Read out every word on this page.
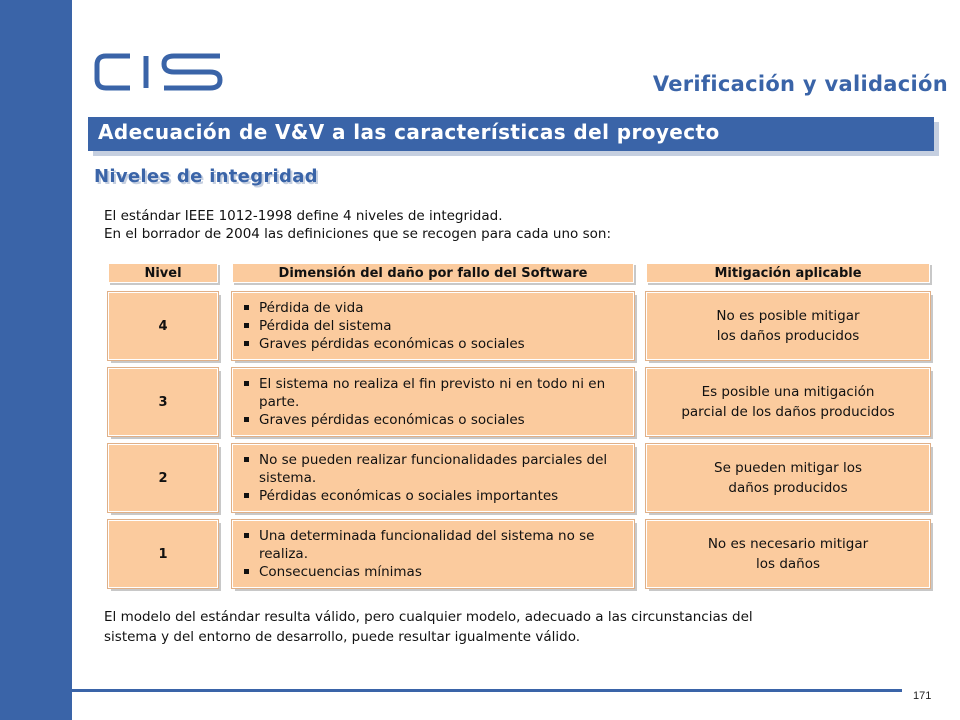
Verificación y validación
Adecuación de V&V a las características del proyecto
Niveles de integridad
El estándar IEEE 1012-1998 define 4 niveles de integridad.
En el borrador de 2004 las definiciones que se recogen para cada uno son:
Nivel	Dimensión del daño por fallo del Software	Mitigación aplicable
4
Pérdida de vida
Pérdida del sistema
Graves pérdidas económicas o sociales
No es posible mitigar
los daños producidos
3
El sistema no realiza el fin previsto ni en todo ni en parte.
Graves pérdidas económicas o sociales
Es posible una mitigación
parcial de los daños producidos
2
No se pueden realizar funcionalidades parciales del sistema.
Pérdidas económicas o sociales importantes
Se pueden mitigar los
daños producidos
1
Una determinada funcionalidad del sistema no se realiza.
Consecuencias mínimas
No es necesario mitigar
los daños
El modelo del estándar resulta válido, pero cualquier modelo, adecuado a las circunstancias del
sistema y del entorno de desarrollo, puede resultar igualmente válido.
171
